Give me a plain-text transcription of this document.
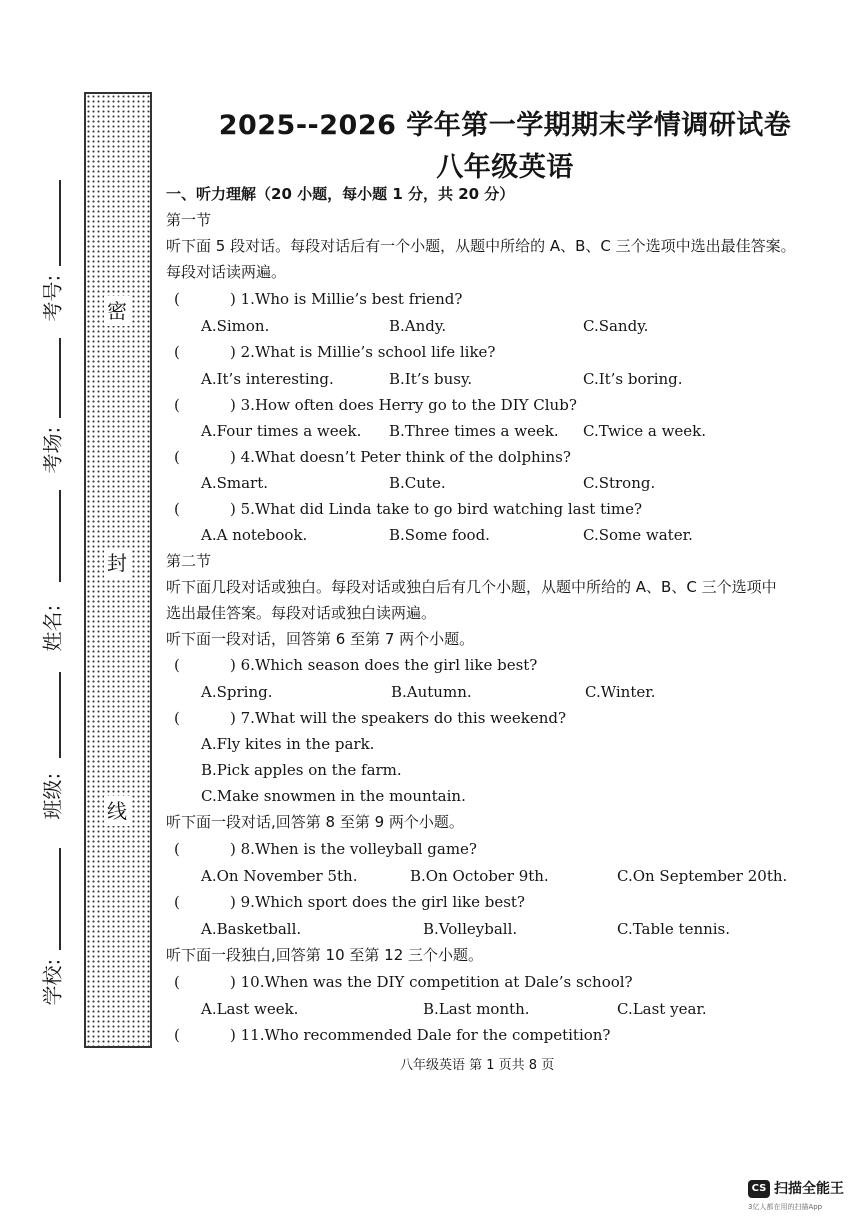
考号:
考场:
姓名:
班级:
学校:
密
封
线
2025--2026 学年第一学期期末学情调研试卷
八年级英语
一、听力理解（20 小题，每小题 1 分，共 20 分）
第一节
听下面 5 段对话。每段对话后有一个小题，从题中所给的 A、B、C 三个选项中选出最佳答案。
每段对话读两遍。
(	) 1.Who is Millie’s best friend?
A.Simon.	B.Andy.	C.Sandy.
(	) 2.What is Millie’s school life like?
A.It’s interesting.	B.It’s busy.	C.It’s boring.
(	) 3.How often does Herry go to the DIY Club?
A.Four times a week. B.Three times a week. C.Twice a week.
(	) 4.What doesn’t Peter think of the dolphins?
A.Smart.	B.Cute.	C.Strong.
(	) 5.What did Linda take to go bird watching last time?
A.A notebook.	B.Some food.	C.Some water.
第二节
听下面几段对话或独白。每段对话或独白后有几个小题，从题中所给的 A、B、C 三个选项中
选出最佳答案。每段对话或独白读两遍。
听下面一段对话，回答第 6 至第 7 两个小题。
(	) 6.Which season does the girl like best?
A.Spring.	B.Autumn.	C.Winter.
(	) 7.What will the speakers do this weekend?
A.Fly kites in the park.
B.Pick apples on the farm.
C.Make snowmen in the mountain.
听下面一段对话,回答第 8 至第 9 两个小题。
(	) 8.When is the volleyball game?
A.On November 5th.	B.On October 9th.	C.On September 20th.
(	) 9.Which sport does the girl like best?
A.Basketball.	B.Volleyball.	C.Table tennis.
听下面一段独白,回答第 10 至第 12 三个小题。
(	) 10.When was the DIY competition at Dale’s school?
A.Last week.	B.Last month.	C.Last year.
(	) 11.Who recommended Dale for the competition?
八年级英语 第 1 页共 8 页
CS 扫描全能王
3亿人都在用的扫描App
